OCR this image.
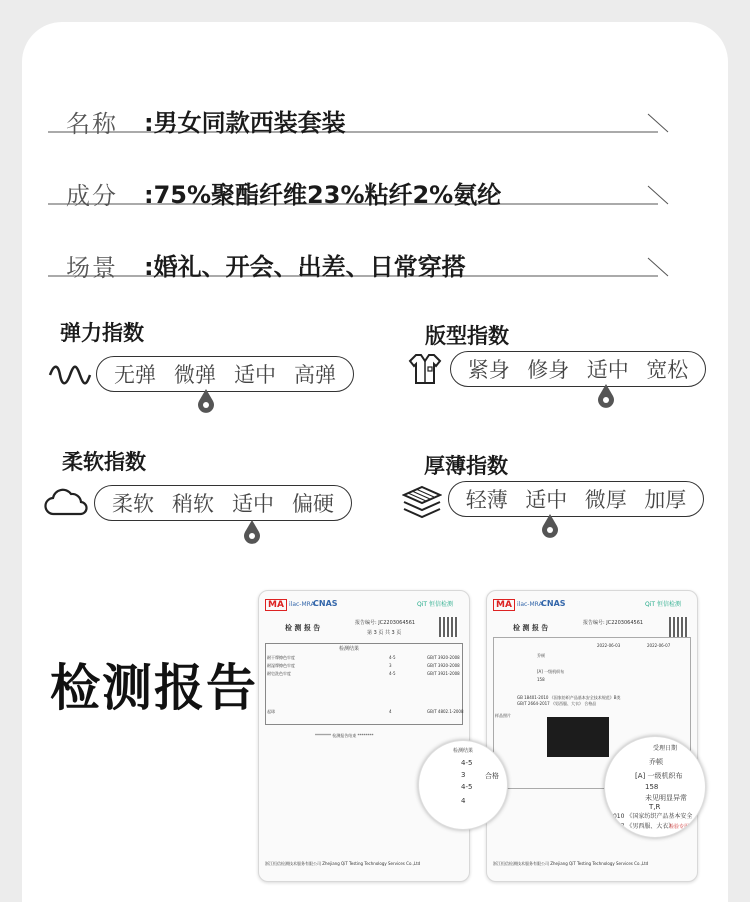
名称 :男女同款西装套装
成分 :75%聚酯纤维23%粘纤2%氨纶
场景 :婚礼、开会、出差、日常穿搭
弹力指数
无弹 微弹 适中 高弹
版型指数
紧身 修身 适中 宽松
柔软指数
柔软 稍软 适中 偏硬
厚薄指数
轻薄 适中 微厚 加厚
检测报告
MA ilac-MRA
CNAS	QiT 恒信检测
检 测 报 告
报告编号: JC2203064561
第 3 页 共 3 页
检测结果
耐干摩擦色牢度	4-5	GB/T 3920-2008
耐湿摩擦色牢度	3	GB/T 3920-2008
耐皂洗色牢度	4-5	GB/T 3921-2008
起球	4	GB/T 4802.1-2008
******** 检测报告结束 ********
浙江恒信检测技术服务有限公司 Zhejiang QiT Testing Technology Services Co.,Ltd
MA ilac-MRA
CNAS	QiT 恒信检测
检 测 报 告
报告编号: JC2203064561
2022-06-03	2022-06-07
乔顿
[A] 一级机织布
158
GB 18401-2010 《国家纺织产品基本安全技术规范》B类
GB/T 2664-2017 《男西服、大衣》 合格品
样品照片
浙江恒信检测技术服务有限公司 Zhejiang QiT Testing Technology Services Co.,Ltd
检测结果
4-5
3
4-5
4
合格
受理日期
乔顿
[A] 一级机织布
158
未见明显异常
T,R
-2010 《国家纺织产品基本安全
-2017 《男西服、大衣》
检验专用章
